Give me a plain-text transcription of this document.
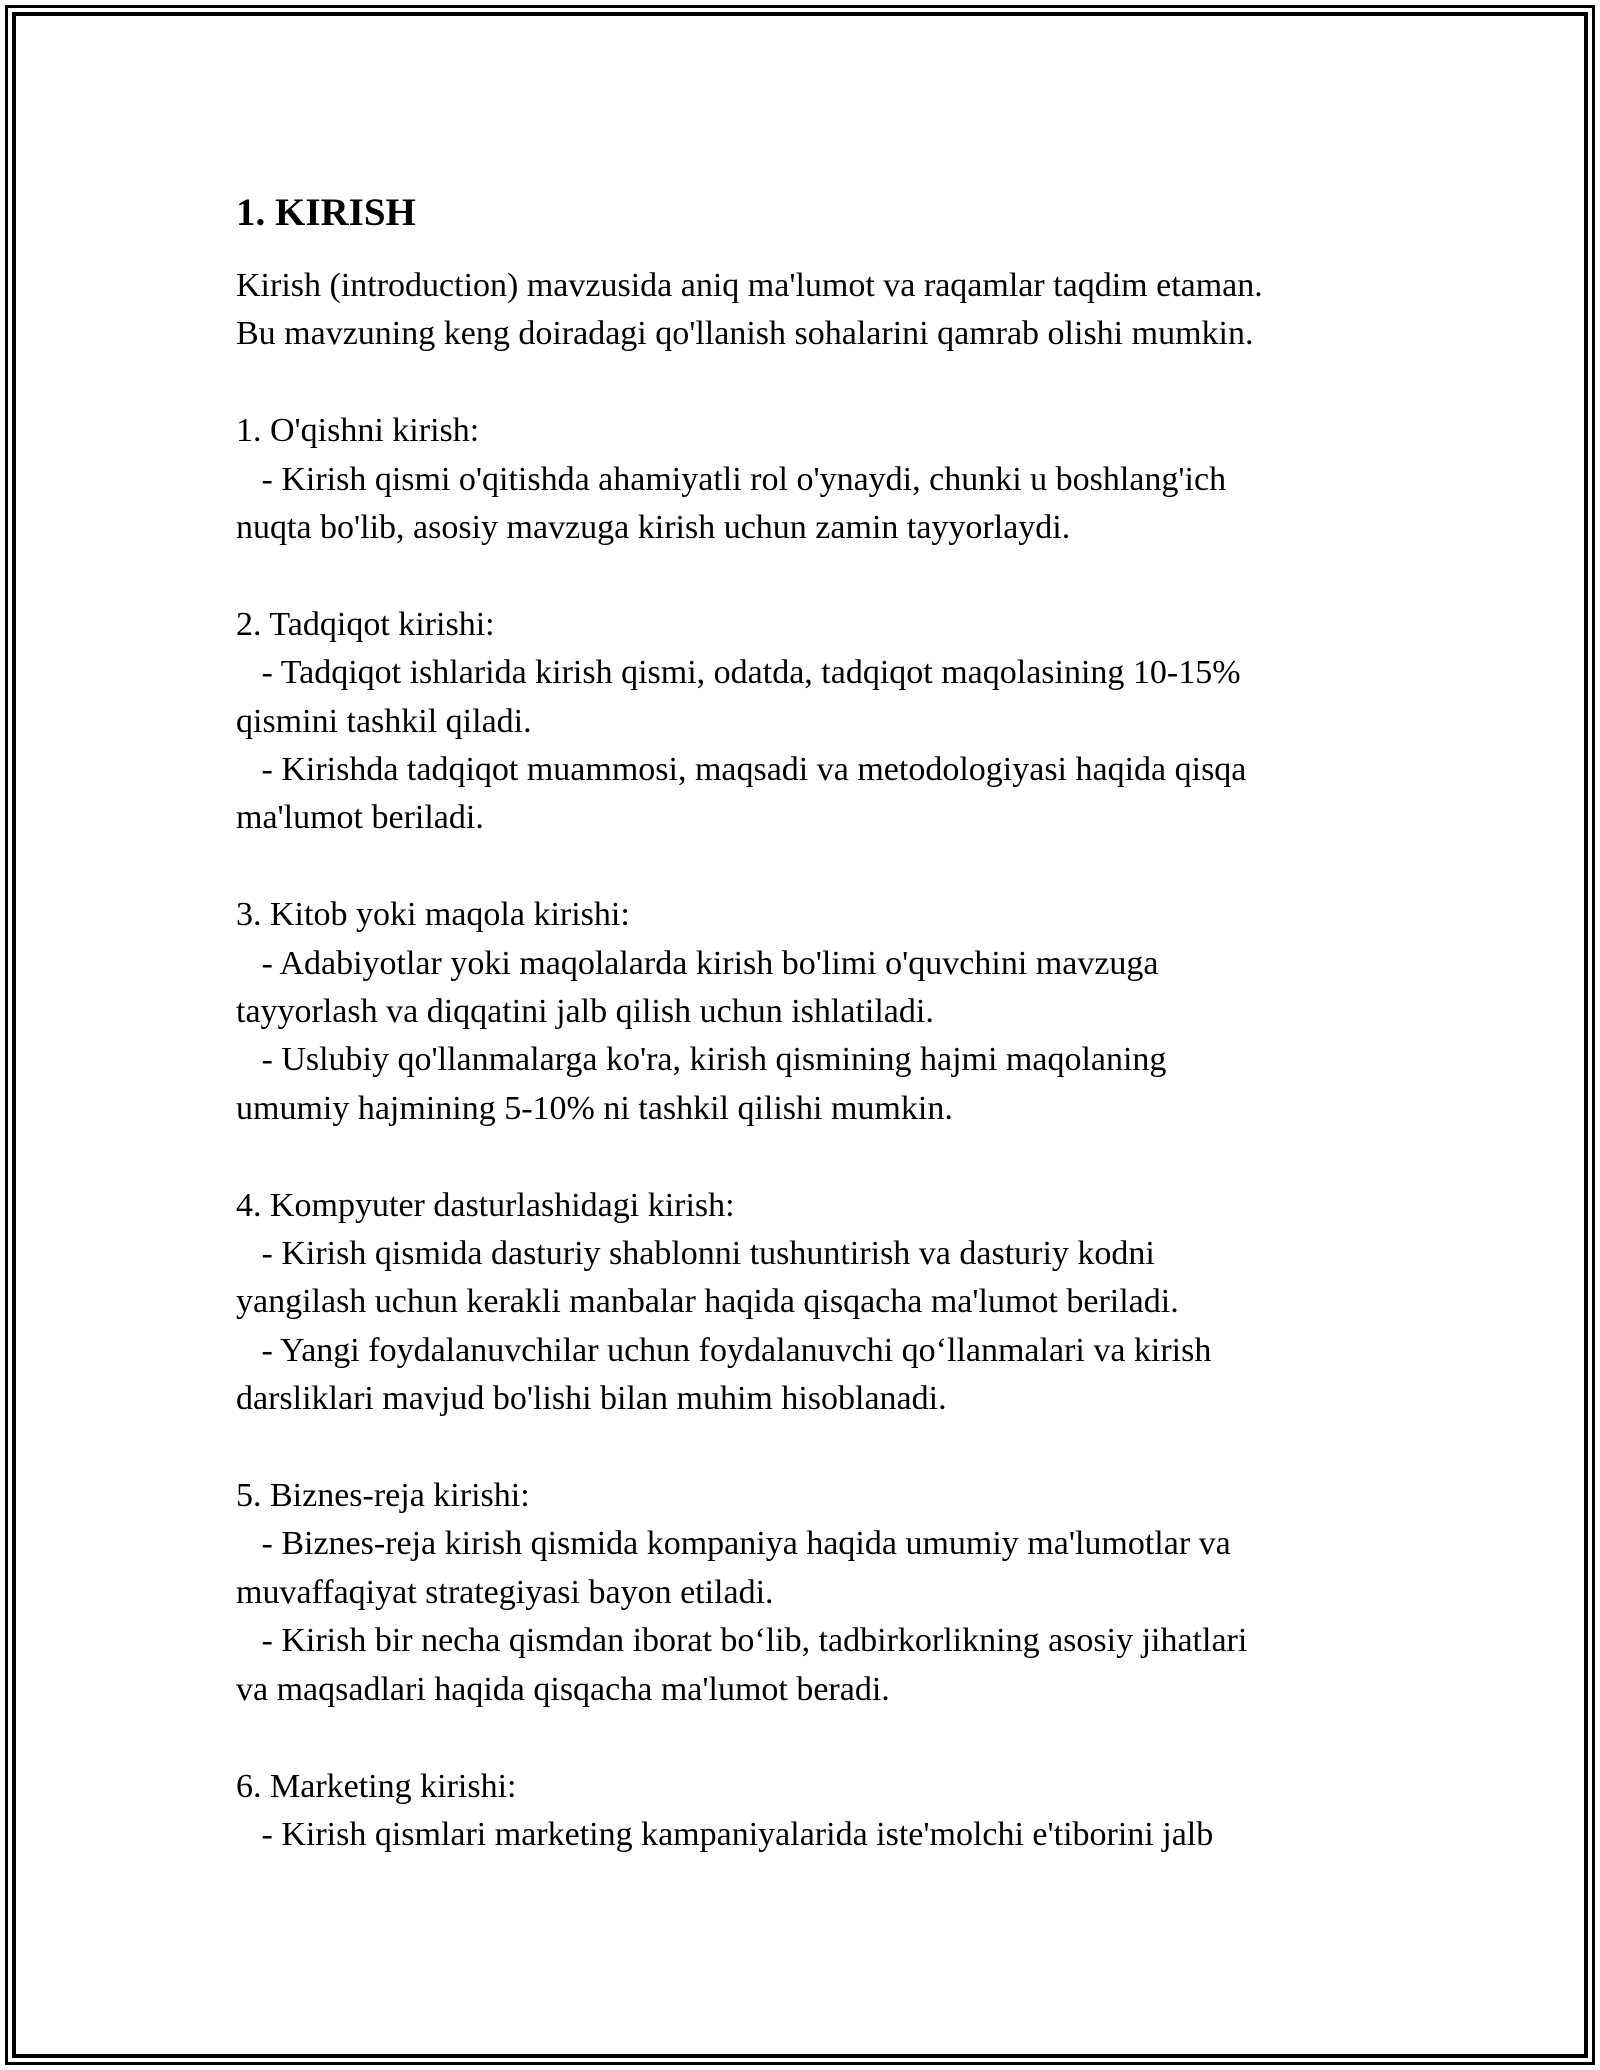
1. KIRISH
Kirish (introduction) mavzusida aniq ma'lumot va raqamlar taqdim etaman.
Bu mavzuning keng doiradagi qo'llanish sohalarini qamrab olishi mumkin.
1. O'qishni kirish:
- Kirish qismi o'qitishda ahamiyatli rol o'ynaydi, chunki u boshlang'ich
nuqta bo'lib, asosiy mavzuga kirish uchun zamin tayyorlaydi.
2. Tadqiqot kirishi:
- Tadqiqot ishlarida kirish qismi, odatda, tadqiqot maqolasining 10-15%
qismini tashkil qiladi.
- Kirishda tadqiqot muammosi, maqsadi va metodologiyasi haqida qisqa
ma'lumot beriladi.
3. Kitob yoki maqola kirishi:
- Adabiyotlar yoki maqolalarda kirish bo'limi o'quvchini mavzuga
tayyorlash va diqqatini jalb qilish uchun ishlatiladi.
- Uslubiy qo'llanmalarga ko'ra, kirish qismining hajmi maqolaning
umumiy hajmining 5-10% ni tashkil qilishi mumkin.
4. Kompyuter dasturlashidagi kirish:
- Kirish qismida dasturiy shablonni tushuntirish va dasturiy kodni
yangilash uchun kerakli manbalar haqida qisqacha ma'lumot beriladi.
- Yangi foydalanuvchilar uchun foydalanuvchi qo‘llanmalari va kirish
darsliklari mavjud bo'lishi bilan muhim hisoblanadi.
5. Biznes-reja kirishi:
- Biznes-reja kirish qismida kompaniya haqida umumiy ma'lumotlar va
muvaffaqiyat strategiyasi bayon etiladi.
- Kirish bir necha qismdan iborat bo‘lib, tadbirkorlikning asosiy jihatlari
va maqsadlari haqida qisqacha ma'lumot beradi.
6. Marketing kirishi:
- Kirish qismlari marketing kampaniyalarida iste'molchi e'tiborini jalb
